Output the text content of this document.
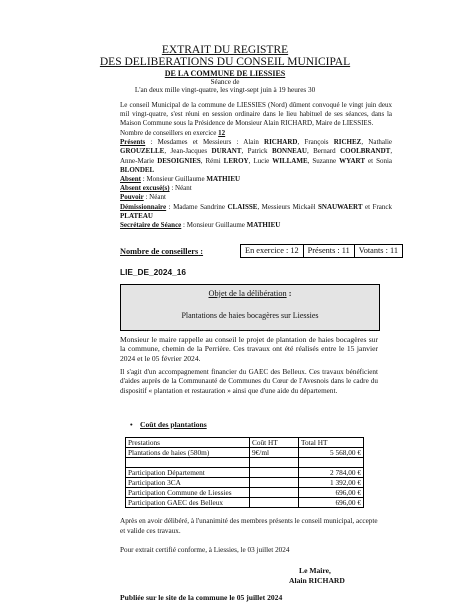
EXTRAIT DU REGISTRE
DES DELIBERATIONS DU CONSEIL MUNICIPAL
DE LA COMMUNE DE LIESSIES
Séance de
L'an deux mille vingt-quatre, les vingt-sept juin à 19 heures 30
Le conseil Municipal de la commune de LIESSIES (Nord) dûment convoqué le vingt juin deux mil vingt-quatre, s'est réuni en session ordinaire dans le lieu habituel de ses séances, dans la Maison Commune sous la Présidence de Monsieur Alain RICHARD, Maire de LIESSIES.

Nombre de conseillers en exercice 12

Présents : Mesdames et Messieurs : Alain RICHARD, François RICHEZ, Nathalie GROUZELLE, Jean-Jacques DURANT, Patrick BONNEAU, Bernard COOLBRANDT, Anne-Marie DESOIGNIES, Rémi LEROY, Lucie WILLAME, Suzanne WYART et Sonia BLONDEL

Absent : Monsieur Guillaume MATHIEU

Absent excusé(s) : Néant

Pouvoir : Néant

Démissionnaire : Madame Sandrine CLAISSE, Messieurs Mickaël SNAUWAERT et Franck PLATEAU

Secrétaire de Séance : Monsieur Guillaume MATHIEU

Nombre de conseillers :	En exercice : 12	Présents : 11	Votants : 11
LIE_DE_2024_16
Objet de la délibération :
Plantations de haies bocagères sur Liessies
Monsieur le maire rappelle au conseil le projet de plantation de haies bocagères sur la commune, chemin de la Perrière. Ces travaux ont été réalisés entre le 15 janvier 2024 et le 05 février 2024.
Il s'agit d'un accompagnement financier du GAEC des Belleux. Ces travaux bénéficient d'aides auprès de la Communauté de Communes du Cœur de l'Avesnois dans le cadre du dispositif « plantation et restauration » ainsi que d'une aide du département.
• Coût des plantations
Prestations	Coût HT	Total HT
Plantations de haies (580m)	9€/ml	5 568,00 €

Participation Département		2 784,00 €
Participation 3CA		1 392,00 €
Participation Commune de Liessies		696,00 €
Participation GAEC des Belleux		696,00 €
Après en avoir délibéré, à l'unanimité des membres présents le conseil municipal, accepte et valide ces travaux.
Pour extrait certifié conforme, à Liessies, le 03 juillet 2024
Le Maire,
Alain RICHARD
Publiée sur le site de la commune le 05 juillet 2024
